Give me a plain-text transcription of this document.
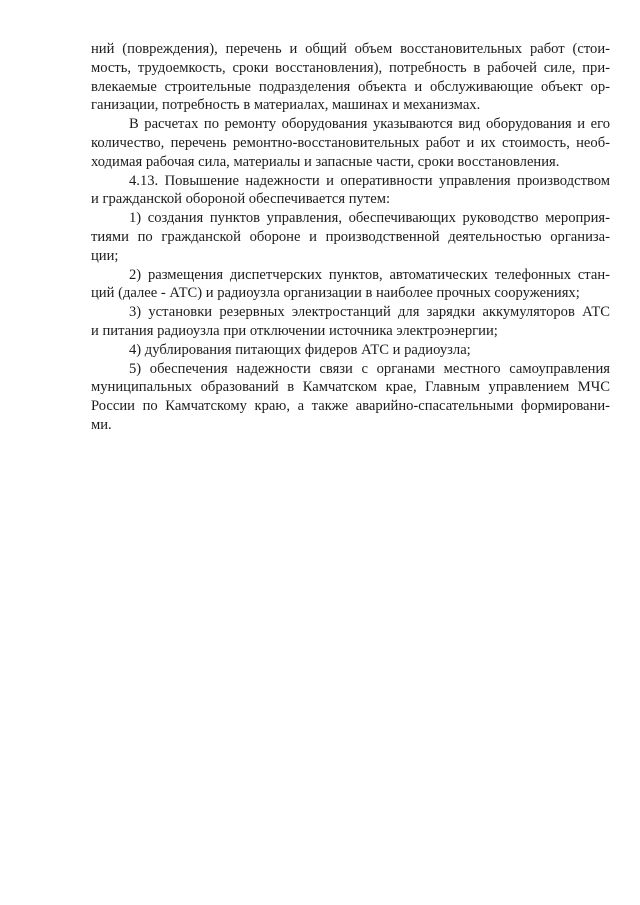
ний (повреждения), перечень и общий объем восстановительных работ (стои-
мость, трудоемкость, сроки восстановления), потребность в рабочей силе, при-
влекаемые строительные подразделения объекта и обслуживающие объект ор-
ганизации, потребность в материалах, машинах и механизмах.
В расчетах по ремонту оборудования указываются вид оборудования и его
количество, перечень ремонтно-восстановительных работ и их стоимость, необ-
ходимая рабочая сила, материалы и запасные части, сроки восстановления.
4.13. Повышение надежности и оперативности управления производством
и гражданской обороной обеспечивается путем:
1) создания пунктов управления, обеспечивающих руководство мероприя-
тиями по гражданской обороне и производственной деятельностью организа-
ции;
2) размещения диспетчерских пунктов, автоматических телефонных стан-
ций (далее - АТС) и радиоузла организации в наиболее прочных сооружениях;
3) установки резервных электростанций для зарядки аккумуляторов АТС
и питания радиоузла при отключении источника электроэнергии;
4) дублирования питающих фидеров АТС и радиоузла;
5) обеспечения надежности связи с органами местного самоуправления
муниципальных образований в Камчатском крае, Главным управлением МЧС
России по Камчатскому краю, а также аварийно-спасательными формировани-
ми.
